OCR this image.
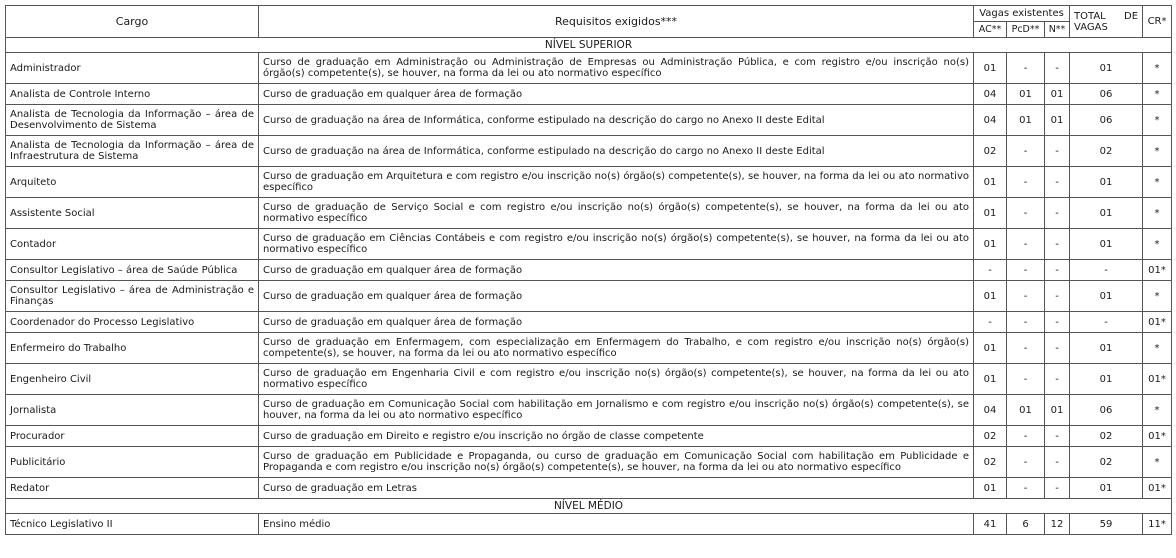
Cargo	Requisitos exigidos***	Vagas existentes			TOTAL DE
VAGAS	CR*
		AC**	PcD**	N**		
NÍVEL SUPERIOR						
Administrador	Curso de graduação em Administração ou Administração de Empresas ou Administração Pública, e com registro e/ou inscrição no(s) órgão(s) competente(s), se houver, na forma da lei ou ato normativo específico	01	-	-	01	*
Analista de Controle Interno	Curso de graduação em qualquer área de formação	04	01	01	06	*
Analista de Tecnologia da Informação – área de Desenvolvimento de Sistema	Curso de graduação na área de Informática, conforme estipulado na descrição do cargo no Anexo II deste Edital	04	01	01	06	*
Analista de Tecnologia da Informação – área de Infraestrutura de Sistema	Curso de graduação na área de Informática, conforme estipulado na descrição do cargo no Anexo II deste Edital	02	-	-	02	*
Arquiteto	Curso de graduação em Arquitetura e com registro e/ou inscrição no(s) órgão(s) competente(s), se houver, na forma da lei ou ato normativo específico	01	-	-	01	*
Assistente Social	Curso de graduação de Serviço Social e com registro e/ou inscrição no(s) órgão(s) competente(s), se houver, na forma da lei ou ato normativo específico	01	-	-	01	*
Contador	Curso de graduação em Ciências Contábeis e com registro e/ou inscrição no(s) órgão(s) competente(s), se houver, na forma da lei ou ato normativo específico	01	-	-	01	*
Consultor Legislativo – área de Saúde Pública	Curso de graduação em qualquer área de formação	-	-	-	-	01*
Consultor Legislativo – área de Administração e Finanças	Curso de graduação em qualquer área de formação	01	-	-	01	*
Coordenador do Processo Legislativo	Curso de graduação em qualquer área de formação	-	-	-	-	01*
Enfermeiro do Trabalho	Curso de graduação em Enfermagem, com especialização em Enfermagem do Trabalho, e com registro e/ou inscrição no(s) órgão(s) competente(s), se houver, na forma da lei ou ato normativo específico	01	-	-	01	*
Engenheiro Civil	Curso de graduação em Engenharia Civil e com registro e/ou inscrição no(s) órgão(s) competente(s), se houver, na forma da lei ou ato normativo específico	01	-	-	01	01*
Jornalista	Curso de graduação em Comunicação Social com habilitação em Jornalismo e com registro e/ou inscrição no(s) órgão(s) competente(s), se houver, na forma da lei ou ato normativo específico	04	01	01	06	*
Procurador	Curso de graduação em Direito e registro e/ou inscrição no órgão de classe competente	02	-	-	02	01*
Publicitário	Curso de graduação em Publicidade e Propaganda, ou curso de graduação em Comunicação Social com habilitação em Publicidade e Propaganda e com registro e/ou inscrição no(s) órgão(s) competente(s), se houver, na forma da lei ou ato normativo específico	02	-	-	02	*
Redator	Curso de graduação em Letras	01	-	-	01	01*
NÍVEL MÉDIO						
Técnico Legislativo II	Ensino médio	41	6	12	59	11*
